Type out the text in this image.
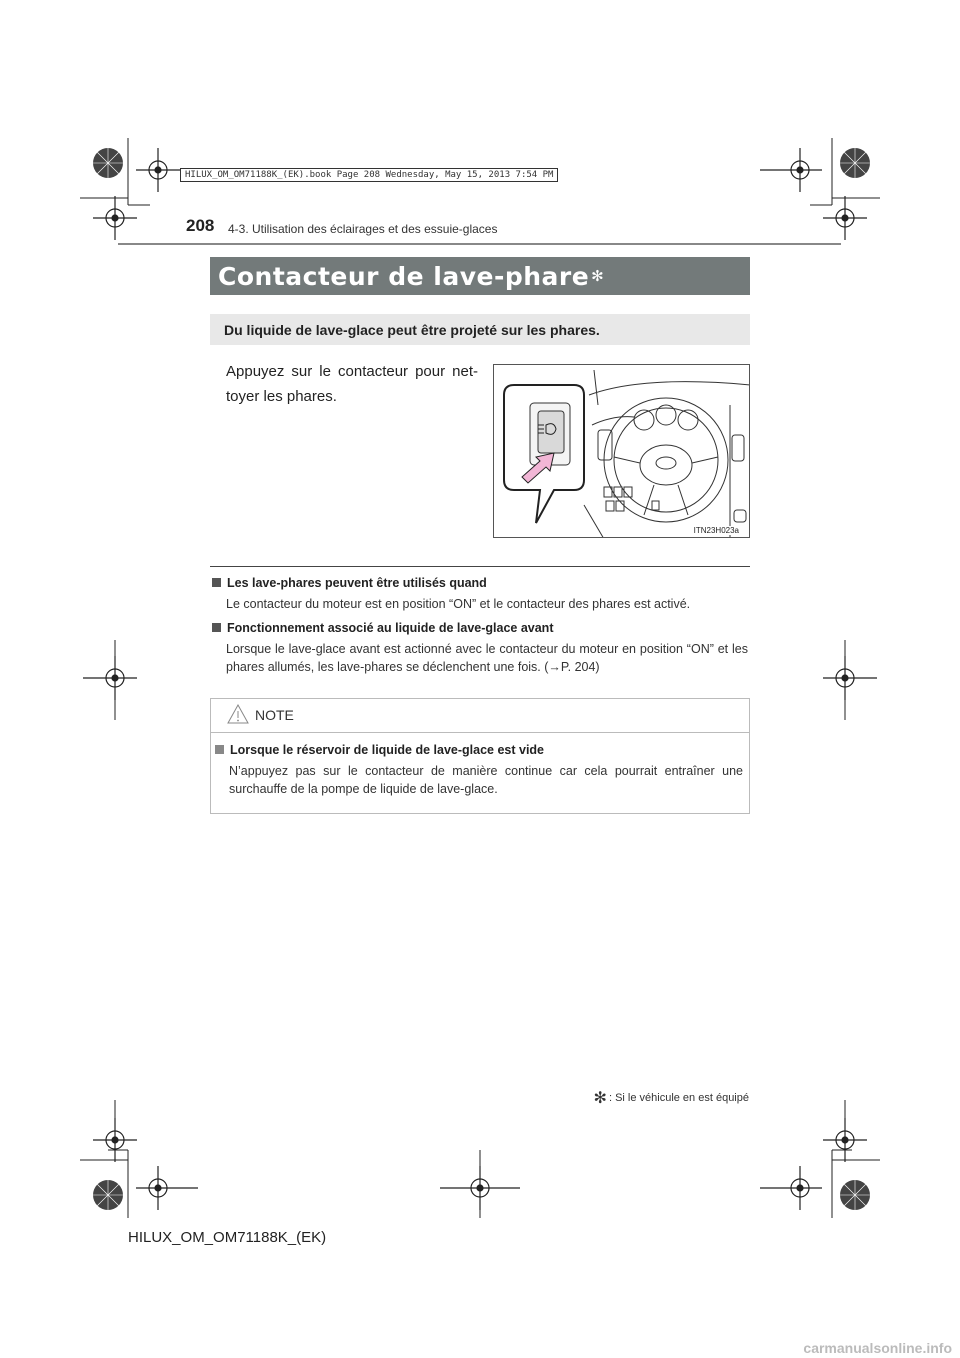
HILUX_OM_OM71188K_(EK).book Page 208 Wednesday, May 15, 2013 7:54 PM
208 4-3. Utilisation des éclairages et des essuie-glaces
Contacteur de lave-phare ✻
Du liquide de lave-glace peut être projeté sur les phares.
Appuyez sur le contacteur pour net-toyer les phares.
ITN23H023a
Les lave-phares peuvent être utilisés quand
Le contacteur du moteur est en position “ON” et le contacteur des phares est activé.
Fonctionnement associé au liquide de lave-glace avant
Lorsque le lave-glace avant est actionné avec le contacteur du moteur en position “ON” et les phares allumés, les lave-phares se déclenchent une fois. (→P. 204)
NOTE
Lorsque le réservoir de liquide de lave-glace est vide
N’appuyez pas sur le contacteur de manière continue car cela pourrait entraîner une surchauffe de la pompe de liquide de lave-glace.
✻ : Si le véhicule en est équipé
HILUX_OM_OM71188K_(EK)
carmanualsonline.info
